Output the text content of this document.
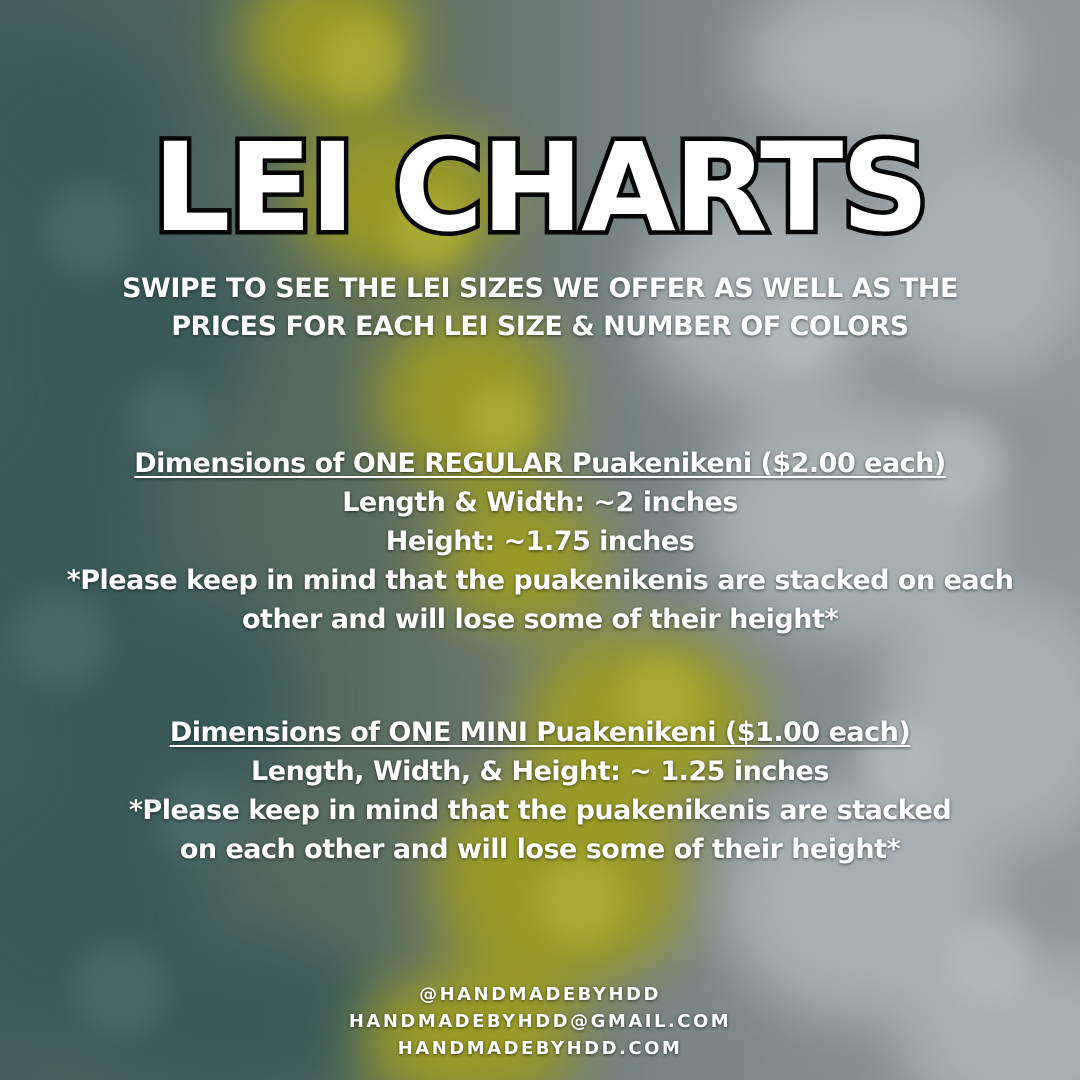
LEI CHARTS

SWIPE TO SEE THE LEI SIZES WE OFFER AS WELL AS THE PRICES FOR EACH LEI SIZE & NUMBER OF COLORS

Dimensions of ONE REGULAR Puakenikeni ($2.00 each)
Length & Width: ~2 inches
Height: ~1.75 inches
*Please keep in mind that the puakenikenis are stacked on each other and will lose some of their height*
Dimensions of ONE MINI Puakenikeni ($1.00 each)
Length, Width, & Height: ~ 1.25 inches
*Please keep in mind that the puakenikenis are stacked on each other and will lose some of their height*
@HANDMADEBYHDD
HANDMADEBYHDD@GMAIL.COM
HANDMADEBYHDD.COM
